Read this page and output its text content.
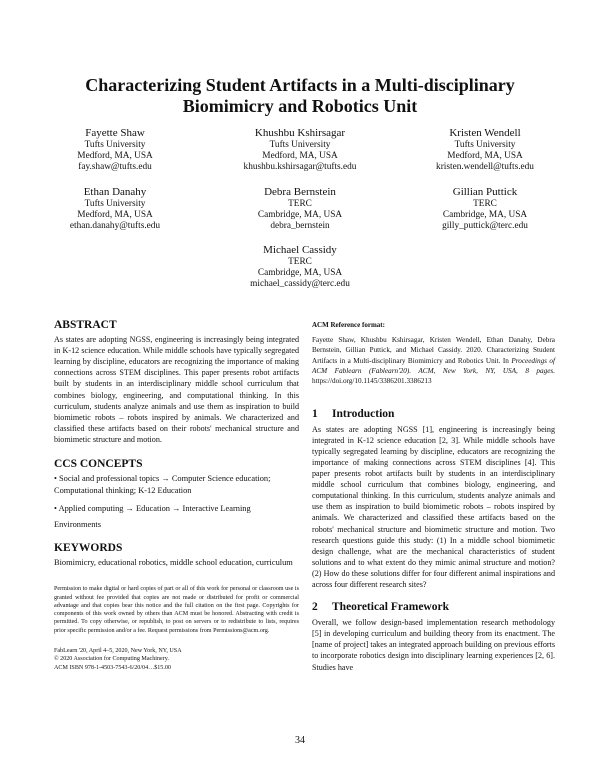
Characterizing Student Artifacts in a Multi-disciplinary Biomimicry and Robotics Unit
Fayette Shaw
Tufts University
Medford, MA, USA
fay.shaw@tufts.edu
Khushbu Kshirsagar
Tufts University
Medford, MA, USA
khushbu.kshirsagar@tufts.edu
Kristen Wendell
Tufts University
Medford, MA, USA
kristen.wendell@tufts.edu
Ethan Danahy
Tufts University
Medford, MA, USA
ethan.danahy@tufts.edu
Debra Bernstein
TERC
Cambridge, MA, USA
debra_bernstein
Gillian Puttick
TERC
Cambridge, MA, USA
gilly_puttick@terc.edu
Michael Cassidy
TERC
Cambridge, MA, USA
michael_cassidy@terc.edu
ABSTRACT

As states are adopting NGSS, engineering is increasingly being integrated in K-12 science education. While middle schools have typically segregated learning by discipline, educators are recognizing the importance of making connections across STEM disciplines. This paper presents robot artifacts built by students in an interdisciplinary middle school curriculum that combines biology, engineering, and computational thinking. In this curriculum, students analyze animals and use them as inspiration to build biomimetic robots – robots inspired by animals. We characterized and classified these artifacts based on their robots' mechanical structure and biomimetic structure and motion.

CCS CONCEPTS

• Social and professional topics → Computer Science education; Computational thinking; K-12 Education

• Applied computing → Education → Interactive Learning Environments

KEYWORDS

Biomimicry, educational robotics, middle school education, curriculum

Permission to make digital or hard copies of part or all of this work for personal or classroom use is granted without fee provided that copies are not made or distributed for profit or commercial advantage and that copies bear this notice and the full citation on the first page. Copyrights for components of this work owned by others than ACM must be honored. Abstracting with credit is permitted. To copy otherwise, or republish, to post on servers or to redistribute to lists, requires prior specific permission and/or a fee. Request permissions from Permissions@acm.org.

FabLearn '20, April 4–5, 2020, New York, NY, USA
© 2020 Association for Computing Machinery.
ACM ISBN 978-1-4503-7543-6/20/04…$15.00
ACM Reference format:

Fayette Shaw, Khushbu Kshirsagar, Kristen Wendell, Ethan Danahy, Debra Bernstein, Gillian Puttick, and Michael Cassidy. 2020. Characterizing Student Artifacts in a Multi-disciplinary Biomimicry and Robotics Unit. In Proceedings of ACM Fablearn (Fablearn'20). ACM, New York, NY, USA, 8 pages. https://doi.org/10.1145/3386201.3386213

1 Introduction

As states are adopting NGSS [1], engineering is increasingly being integrated in K-12 science education [2, 3]. While middle schools have typically segregated learning by discipline, educators are recognizing the importance of making connections across STEM disciplines [4]. This paper presents robot artifacts built by students in an interdisciplinary middle school curriculum that combines biology, engineering, and computational thinking. In this curriculum, students analyze animals and use them as inspiration to build biomimetic robots – robots inspired by animals. We characterized and classified these artifacts based on the robots' mechanical structure and biomimetic structure and motion. Two research questions guide this study: (1) In a middle school biomimetic design challenge, what are the mechanical characteristics of student solutions and to what extent do they mimic animal structure and motion? (2) How do these solutions differ for four different animal inspirations and across four different research sites?

2 Theoretical Framework

Overall, we follow design-based implementation research methodology [5] in developing curriculum and building theory from its enactment. The [name of project] takes an integrated approach building on previous efforts to incorporate robotics design into disciplinary learning experiences [2, 6]. Studies have

34
